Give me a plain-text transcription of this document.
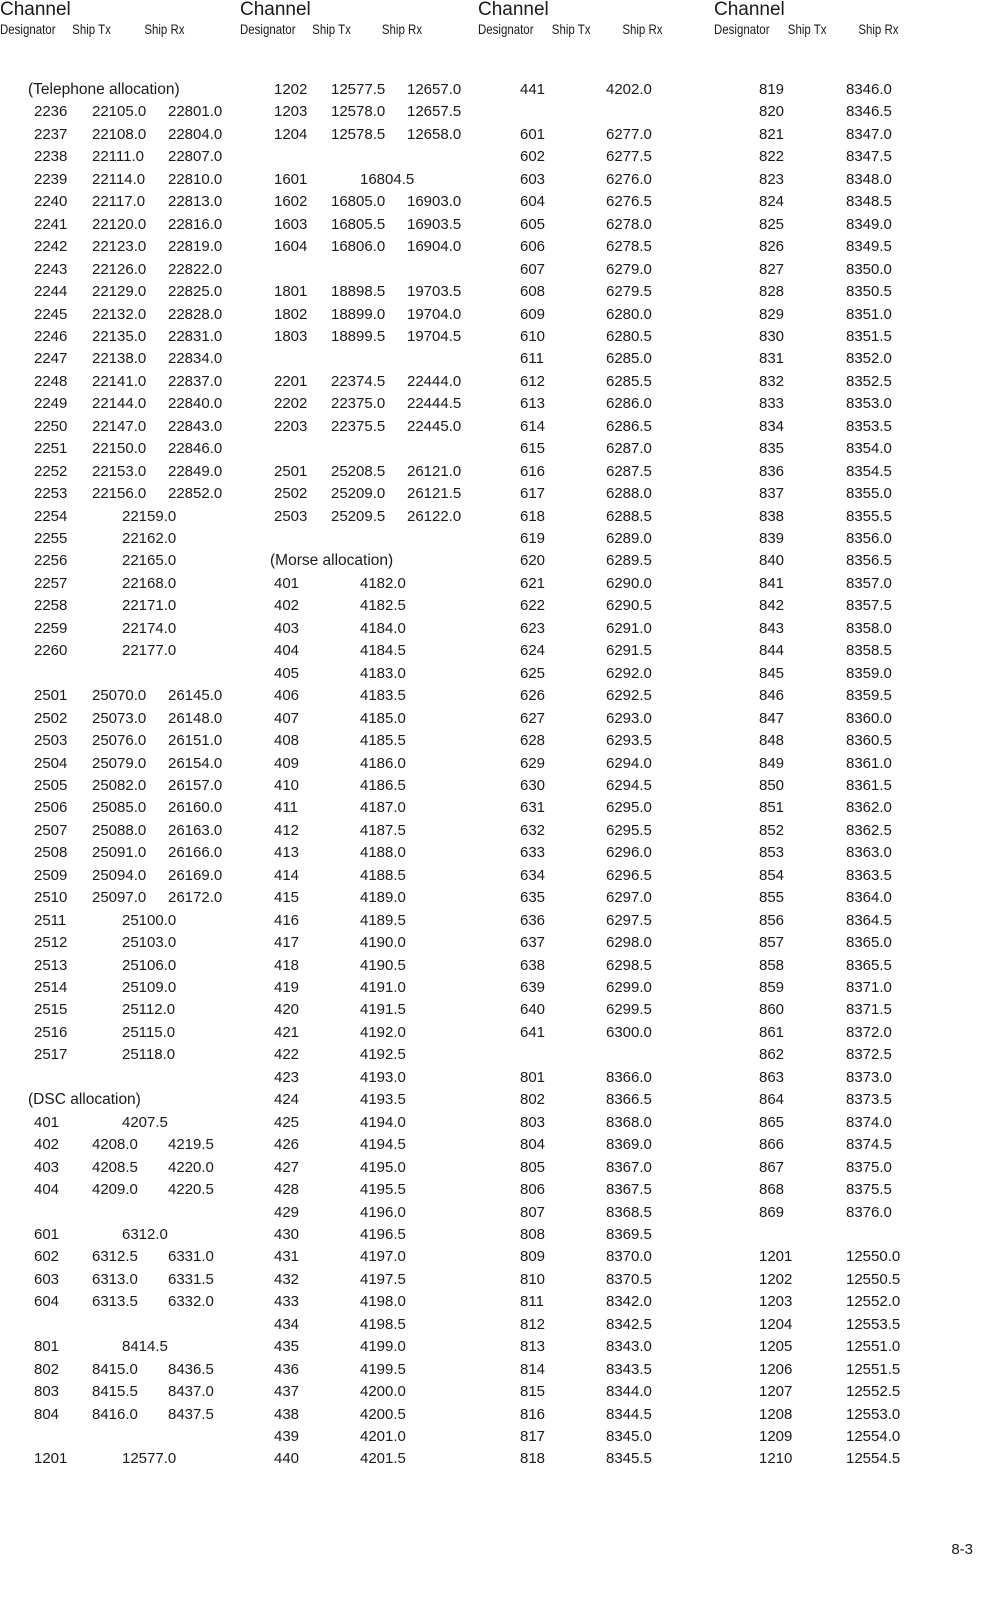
Channel
Designator Ship Tx Ship Rx
(Telephone allocation)
2236 22105.0 22801.0
2237 22108.0 22804.0
2238 22111.0 22807.0
2239 22114.0 22810.0
2240 22117.0 22813.0
2241 22120.0 22816.0
2242 22123.0 22819.0
2243 22126.0 22822.0
2244 22129.0 22825.0
2245 22132.0 22828.0
2246 22135.0 22831.0
2247 22138.0 22834.0
2248 22141.0 22837.0
2249 22144.0 22840.0
2250 22147.0 22843.0
2251 22150.0 22846.0
2252 22153.0 22849.0
2253 22156.0 22852.0
2254	22159.0
2255	22162.0
2256	22165.0
2257	22168.0
2258	22171.0
2259	22174.0
2260	22177.0
2501 25070.0 26145.0
2502 25073.0 26148.0
2503 25076.0 26151.0
2504 25079.0 26154.0
2505 25082.0 26157.0
2506 25085.0 26160.0
2507 25088.0 26163.0
2508 25091.0 26166.0
2509 25094.0 26169.0
2510 25097.0 26172.0
2511	25100.0
2512	25103.0
2513	25106.0
2514	25109.0
2515	25112.0
2516	25115.0
2517	25118.0
(DSC allocation)
401	4207.5
402 4208.0 4219.5
403 4208.5 4220.0
404 4209.0 4220.5
601	6312.0
602 6312.5 6331.0
603 6313.0 6331.5
604 6313.5 6332.0
801	8414.5
802 8415.0 8436.5
803 8415.5 8437.0
804 8416.0 8437.5
1201	12577.0
Channel
Designator Ship Tx Ship Rx
1202 12577.5 12657.0
1203 12578.0 12657.5
1204 12578.5 12658.0
1601	16804.5
1602 16805.0 16903.0
1603 16805.5 16903.5
1604 16806.0 16904.0
1801 18898.5 19703.5
1802 18899.0 19704.0
1803 18899.5 19704.5
2201 22374.5 22444.0
2202 22375.0 22444.5
2203 22375.5 22445.0
2501 25208.5 26121.0
2502 25209.0 26121.5
2503 25209.5 26122.0
(Morse allocation)
401	4182.0
402	4182.5
403	4184.0
404	4184.5
405	4183.0
406	4183.5
407	4185.0
408	4185.5
409	4186.0
410	4186.5
411	4187.0
412	4187.5
413	4188.0
414	4188.5
415	4189.0
416	4189.5
417	4190.0
418	4190.5
419	4191.0
420	4191.5
421	4192.0
422	4192.5
423	4193.0
424	4193.5
425	4194.0
426	4194.5
427	4195.0
428	4195.5
429	4196.0
430	4196.5
431	4197.0
432	4197.5
433	4198.0
434	4198.5
435	4199.0
436	4199.5
437	4200.0
438	4200.5
439	4201.0
440	4201.5
Channel
Designator Ship Tx Ship Rx
441	4202.0
601	6277.0
602	6277.5
603	6276.0
604	6276.5
605	6278.0
606	6278.5
607	6279.0
608	6279.5
609	6280.0
610	6280.5
611	6285.0
612	6285.5
613	6286.0
614	6286.5
615	6287.0
616	6287.5
617	6288.0
618	6288.5
619	6289.0
620	6289.5
621	6290.0
622	6290.5
623	6291.0
624	6291.5
625	6292.0
626	6292.5
627	6293.0
628	6293.5
629	6294.0
630	6294.5
631	6295.0
632	6295.5
633	6296.0
634	6296.5
635	6297.0
636	6297.5
637	6298.0
638	6298.5
639	6299.0
640	6299.5
641	6300.0
801	8366.0
802	8366.5
803	8368.0
804	8369.0
805	8367.0
806	8367.5
807	8368.5
808	8369.5
809	8370.0
810	8370.5
811	8342.0
812	8342.5
813	8343.0
814	8343.5
815	8344.0
816	8344.5
817	8345.0
818	8345.5
Channel
Designator Ship Tx Ship Rx
819	8346.0
820	8346.5
821	8347.0
822	8347.5
823	8348.0
824	8348.5
825	8349.0
826	8349.5
827	8350.0
828	8350.5
829	8351.0
830	8351.5
831	8352.0
832	8352.5
833	8353.0
834	8353.5
835	8354.0
836	8354.5
837	8355.0
838	8355.5
839	8356.0
840	8356.5
841	8357.0
842	8357.5
843	8358.0
844	8358.5
845	8359.0
846	8359.5
847	8360.0
848	8360.5
849	8361.0
850	8361.5
851	8362.0
852	8362.5
853	8363.0
854	8363.5
855	8364.0
856	8364.5
857	8365.0
858	8365.5
859	8371.0
860	8371.5
861	8372.0
862	8372.5
863	8373.0
864	8373.5
865	8374.0
866	8374.5
867	8375.0
868	8375.5
869	8376.0
1201	12550.0
1202	12550.5
1203	12552.0
1204	12553.5
1205	12551.0
1206	12551.5
1207	12552.5
1208	12553.0
1209	12554.0
1210	12554.5
8-3
